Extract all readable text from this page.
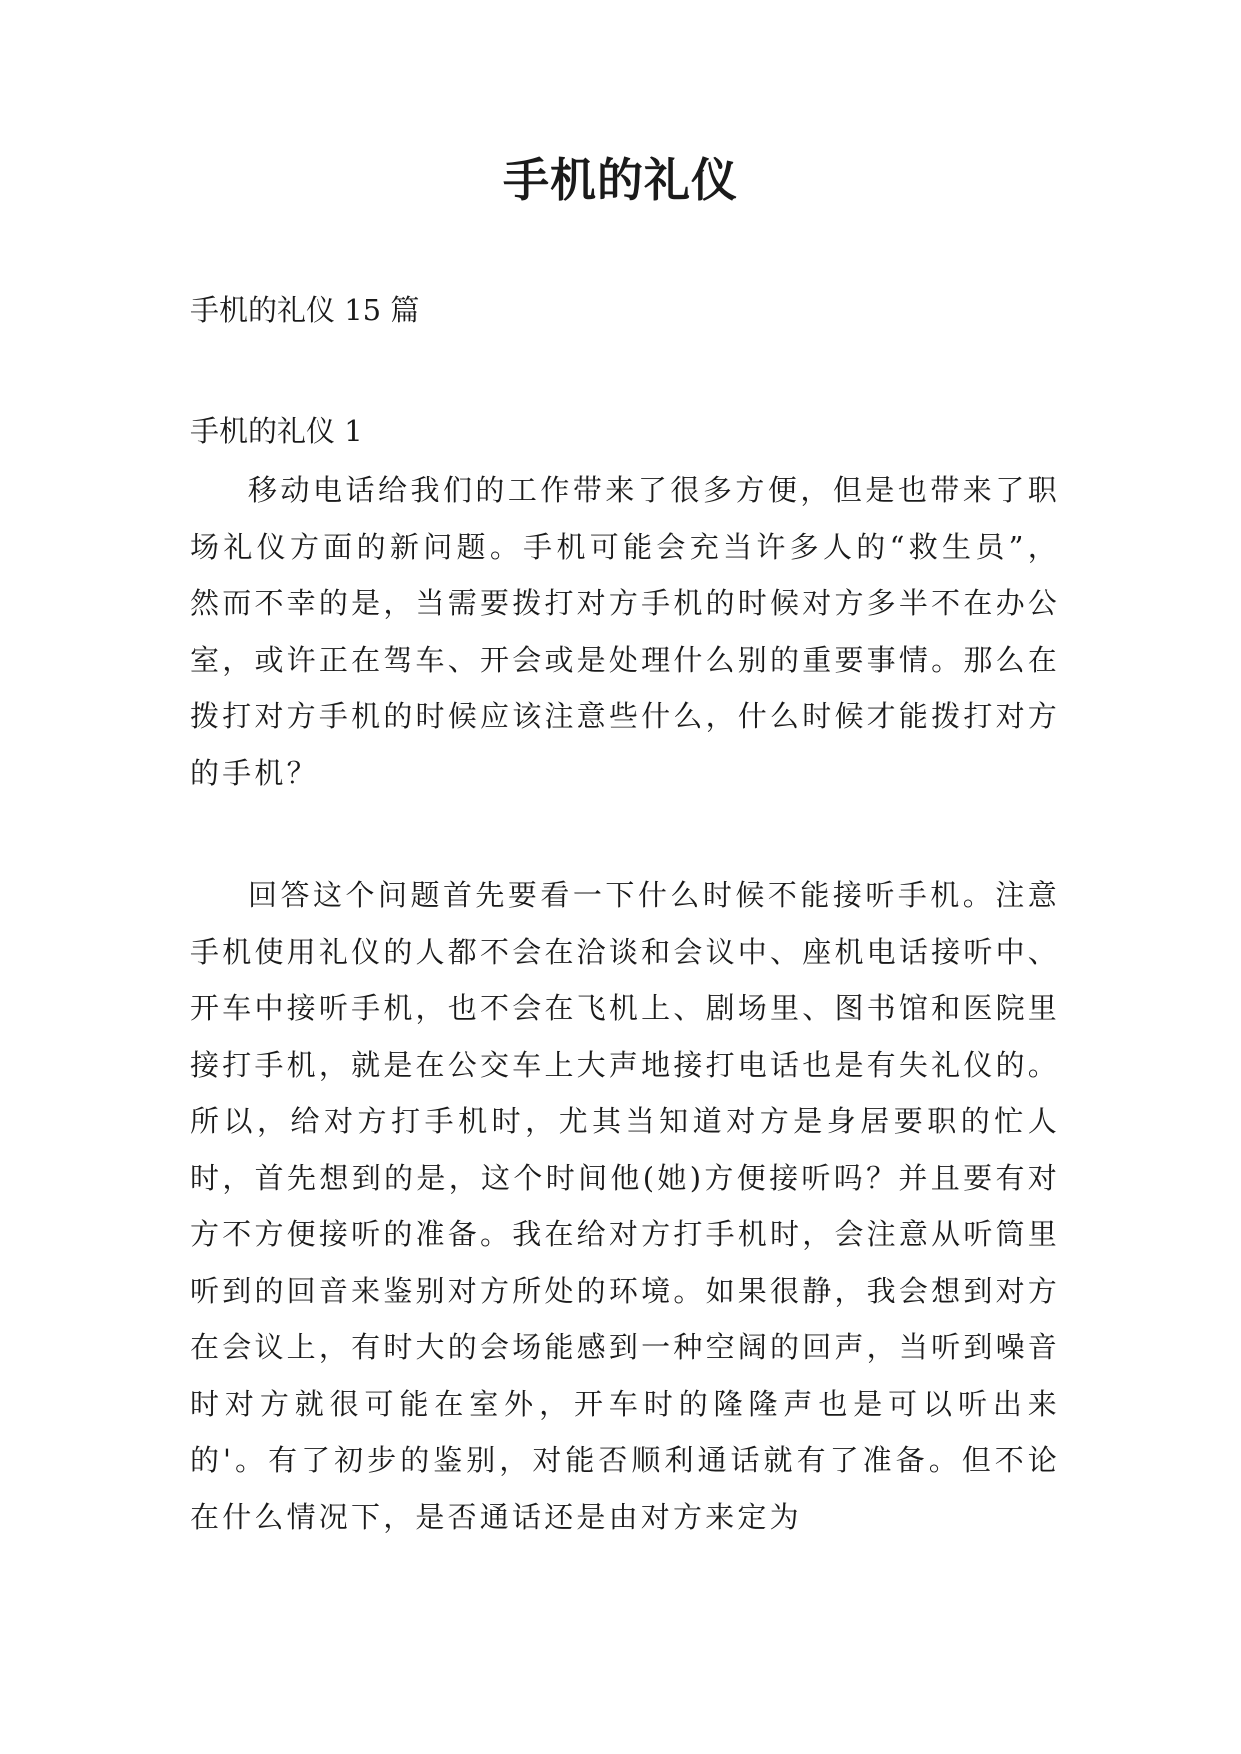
手机的礼仪
手机的礼仪 15 篇
手机的礼仪 1

移动电话给我们的工作带来了很多方便，但是也带来了职场礼仪方面的新问题。手机可能会充当许多人的“救生员”，然而不幸的是，当需要拨打对方手机的时候对方多半不在办公室，或许正在驾车、开会或是处理什么别的重要事情。那么在拨打对方手机的时候应该注意些什么，什么时候才能拨打对方的手机？

回答这个问题首先要看一下什么时候不能接听手机。注意手机使用礼仪的人都不会在洽谈和会议中、座机电话接听中、开车中接听手机，也不会在飞机上、剧场里、图书馆和医院里接打手机，就是在公交车上大声地接打电话也是有失礼仪的。所以，给对方打手机时，尤其当知道对方是身居要职的忙人时，首先想到的是，这个时间他(她)方便接听吗？并且要有对方不方便接听的准备。我在给对方打手机时，会注意从听筒里听到的回音来鉴别对方所处的环境。如果很静，我会想到对方在会议上，有时大的会场能感到一种空阔的回声，当听到噪音时对方就很可能在室外，开车时的隆隆声也是可以听出来的'。有了初步的鉴别，对能否顺利通话就有了准备。但不论在什么情况下，是否通话还是由对方来定为
